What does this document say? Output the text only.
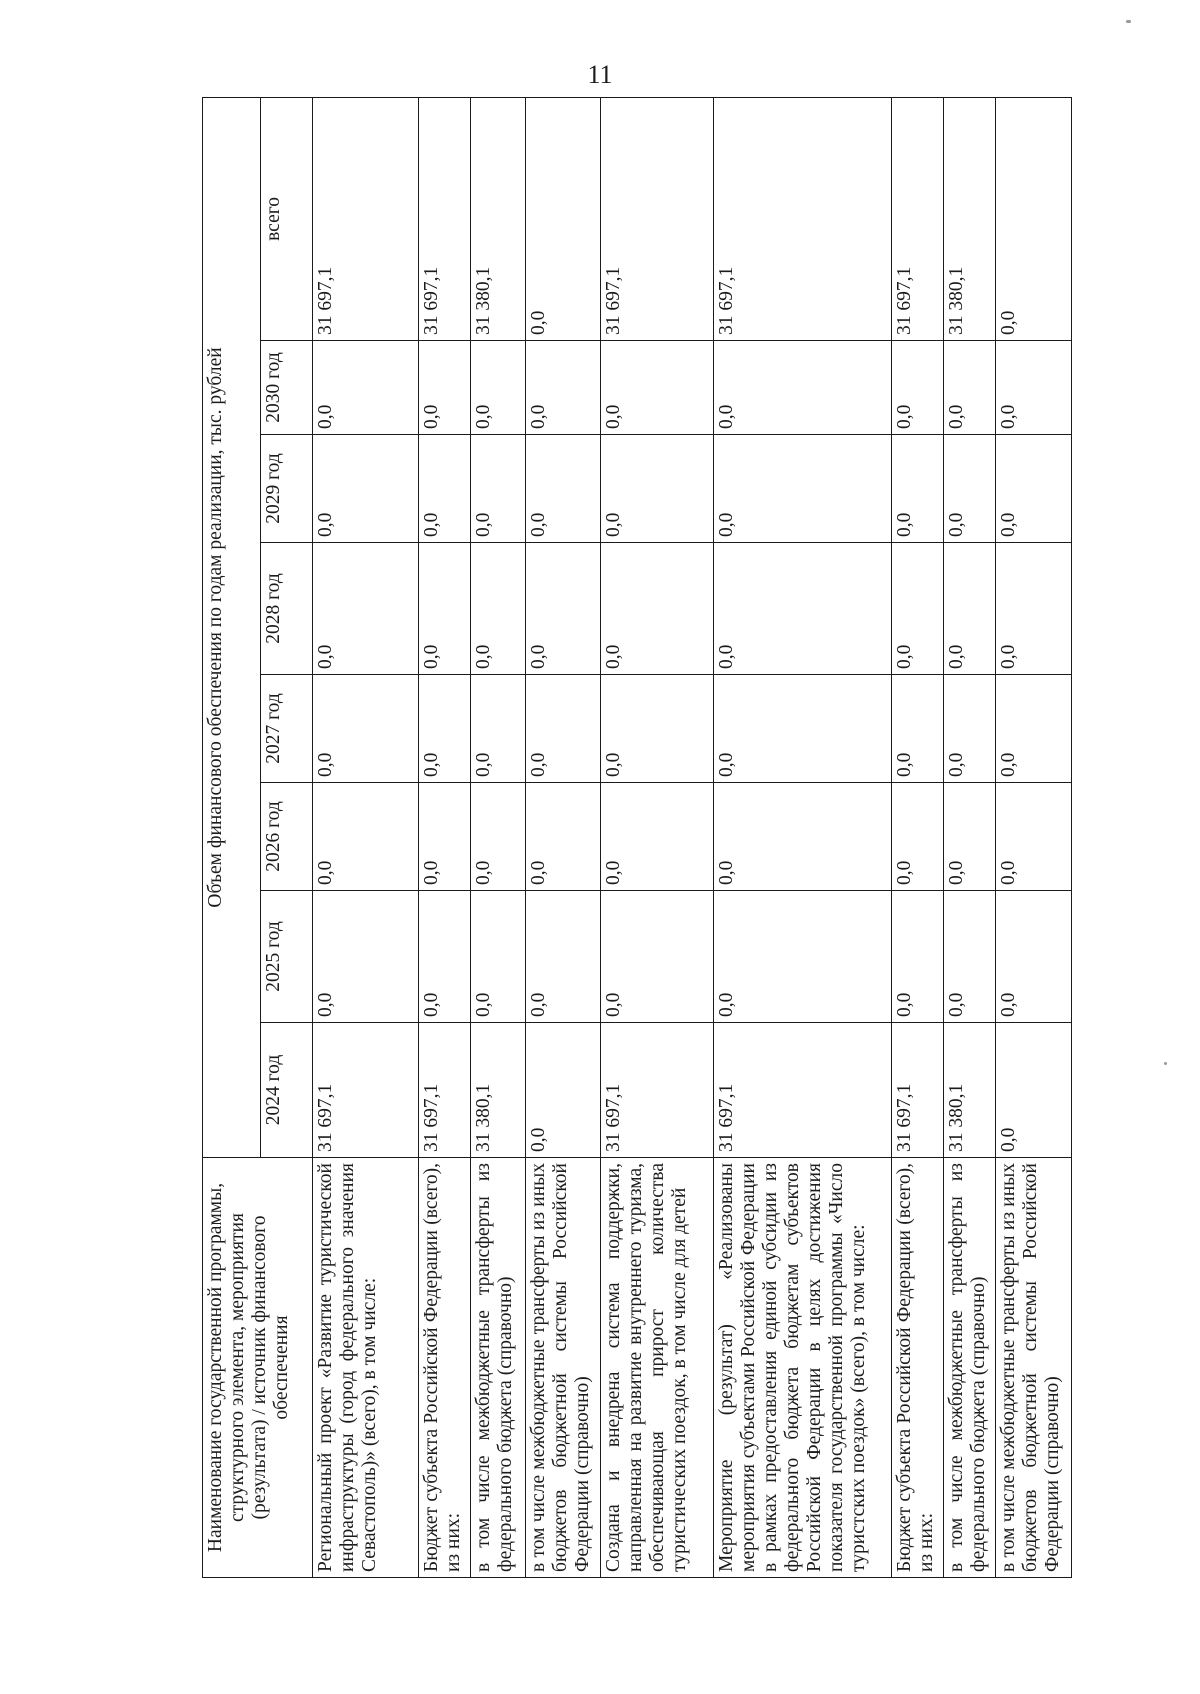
11
Наименование государственной программы, структурного элемента, мероприятия (результата) / источник финансового обеспечения	Объем финансового обеспечения по годам реализации, тыс. рублей							
	2024 год	2025 год	2026 год	2027 год	2028 год	2029 год	2030 год	всего
Региональный проект «Развитие туристической инфраструктуры (город федерального значения Севастополь)» (всего), в том числе:	31 697,1	0,0	0,0	0,0	0,0	0,0	0,0	31 697,1
Бюджет субъекта Российской Федерации (всего), из них:	31 697,1	0,0	0,0	0,0	0,0	0,0	0,0	31 697,1
в том числе межбюджетные трансферты из федерального бюджета (справочно)	31 380,1	0,0	0,0	0,0	0,0	0,0	0,0	31 380,1
в том числе межбюджетные трансферты из иных бюджетов бюджетной системы Российской Федерации (справочно)	0,0	0,0	0,0	0,0	0,0	0,0	0,0	0,0
Создана и внедрена система поддержки, направленная на развитие внутреннего туризма, обеспечивающая прирост количества туристических поездок, в том числе для детей	31 697,1	0,0	0,0	0,0	0,0	0,0	0,0	31 697,1
Мероприятие (результат) «Реализованы мероприятия субъектами Российской Федерации в рамках предоставления единой субсидии из федерального бюджета бюджетам субъектов Российской Федерации в целях достижения показателя государственной программы «Число туристских поездок» (всего), в том числе:	31 697,1	0,0	0,0	0,0	0,0	0,0	0,0	31 697,1
Бюджет субъекта Российской Федерации (всего), из них:	31 697,1	0,0	0,0	0,0	0,0	0,0	0,0	31 697,1
в том числе межбюджетные трансферты из федерального бюджета (справочно)	31 380,1	0,0	0,0	0,0	0,0	0,0	0,0	31 380,1
в том числе межбюджетные трансферты из иных бюджетов бюджетной системы Российской Федерации (справочно)	0,0	0,0	0,0	0,0	0,0	0,0	0,0	0,0
